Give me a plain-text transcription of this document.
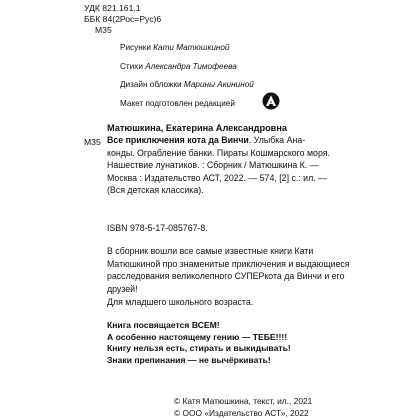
УДК 821.161.1
ББК 84(2Рос=Рус)6
М35
Рисунки Кати Матюшкиной
Стихи Александра Тимофеева
Дизайн обложки Марины Акининой
Макет подготовлен редакцией
Матюшкина, Екатерина Александровна
М35 Все приключения кота да Винчи. Улыбка Ана-
конды. Ограбление банки. Пираты Кошмарского моря.
Нашествие лунатиков. : Сборник / Матюшкина К. —
Москва : Издательство АСТ, 2022. — 574, [2] с.: ил. —
(Вся детская классика).
ISBN 978-5-17-085767-8.
В сборник вошли все самые известные книги Кати
Матюшкиной про знаменитые приключения и выдающиеся
расследования великолепного СУПЕРкота да Винчи и его
друзей!
Для младшего школьного возраста.
Книга посвящается ВСЕМ!
А особенно настоящему гению — ТЕБЕ!!!!
Книгу нельзя есть, стирать и выкидывать!
Знаки препинания — не вычёркивать!
© Катя Матюшкина, текст, ил., 2021
© ООО «Издательство АСТ», 2022
